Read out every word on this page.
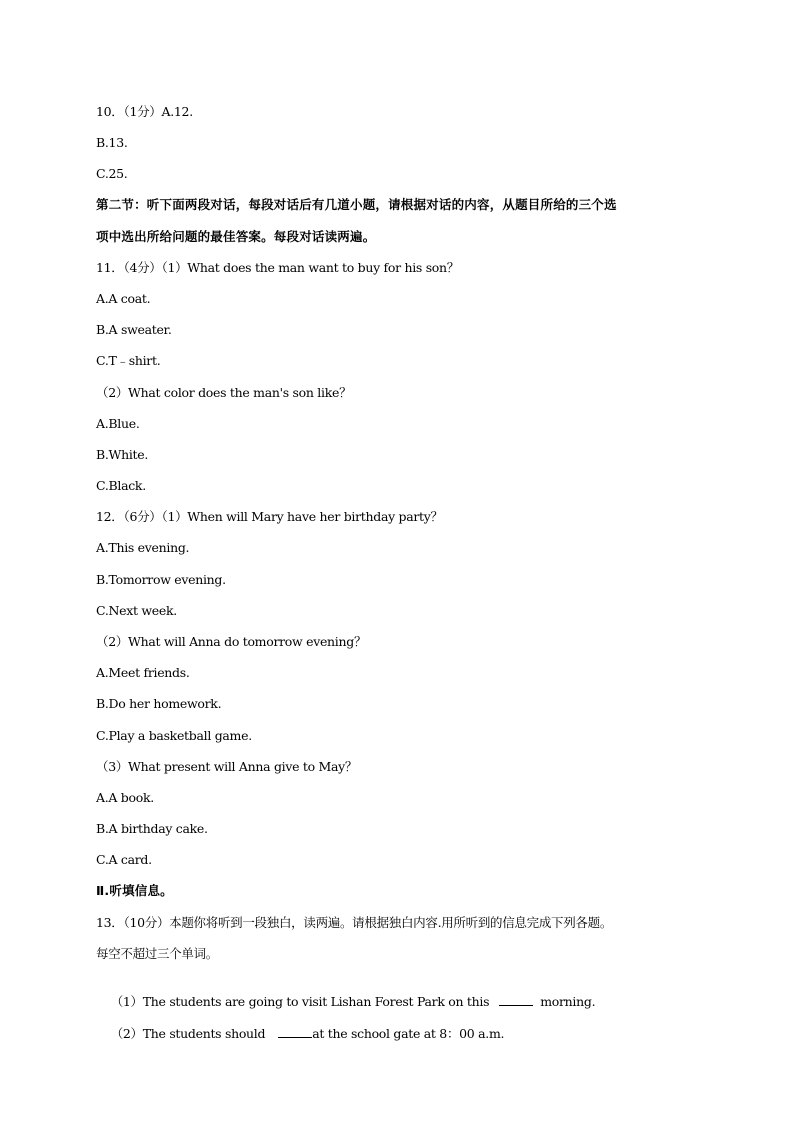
10．（1分）A.12.
B.13.
C.25.
第二节：听下面两段对话，每段对话后有几道小题，请根据对话的内容，从题目所给的三个选
项中选出所给问题的最佳答案。每段对话读两遍。
11．（4分）（1）What does the man want to buy for his son？
A.A coat.
B.A sweater.
C.T﹣shirt.
（2）What color does the man's son like？
A.Blue.
B.White.
C.Black.
12．（6分）（1）When will Mary have her birthday party？
A.This evening.
B.Tomorrow evening.
C.Next week.
（2）What will Anna do tomorrow evening？
A.Meet friends.
B.Do her homework.
C.Play a basketball game.
（3）What present will Anna give to May？
A.A book.
B.A birthday cake.
C.A card.
Ⅱ.听填信息。
13．（10分）本题你将听到一段独白，读两遍。请根据独白内容.用所听到的信息完成下列各题。
每空不超过三个单词。

（1）The students are going to visit Lishan Forest Park on this	morning.

（2）The students should	at the school gate at 8：00 a.m.
